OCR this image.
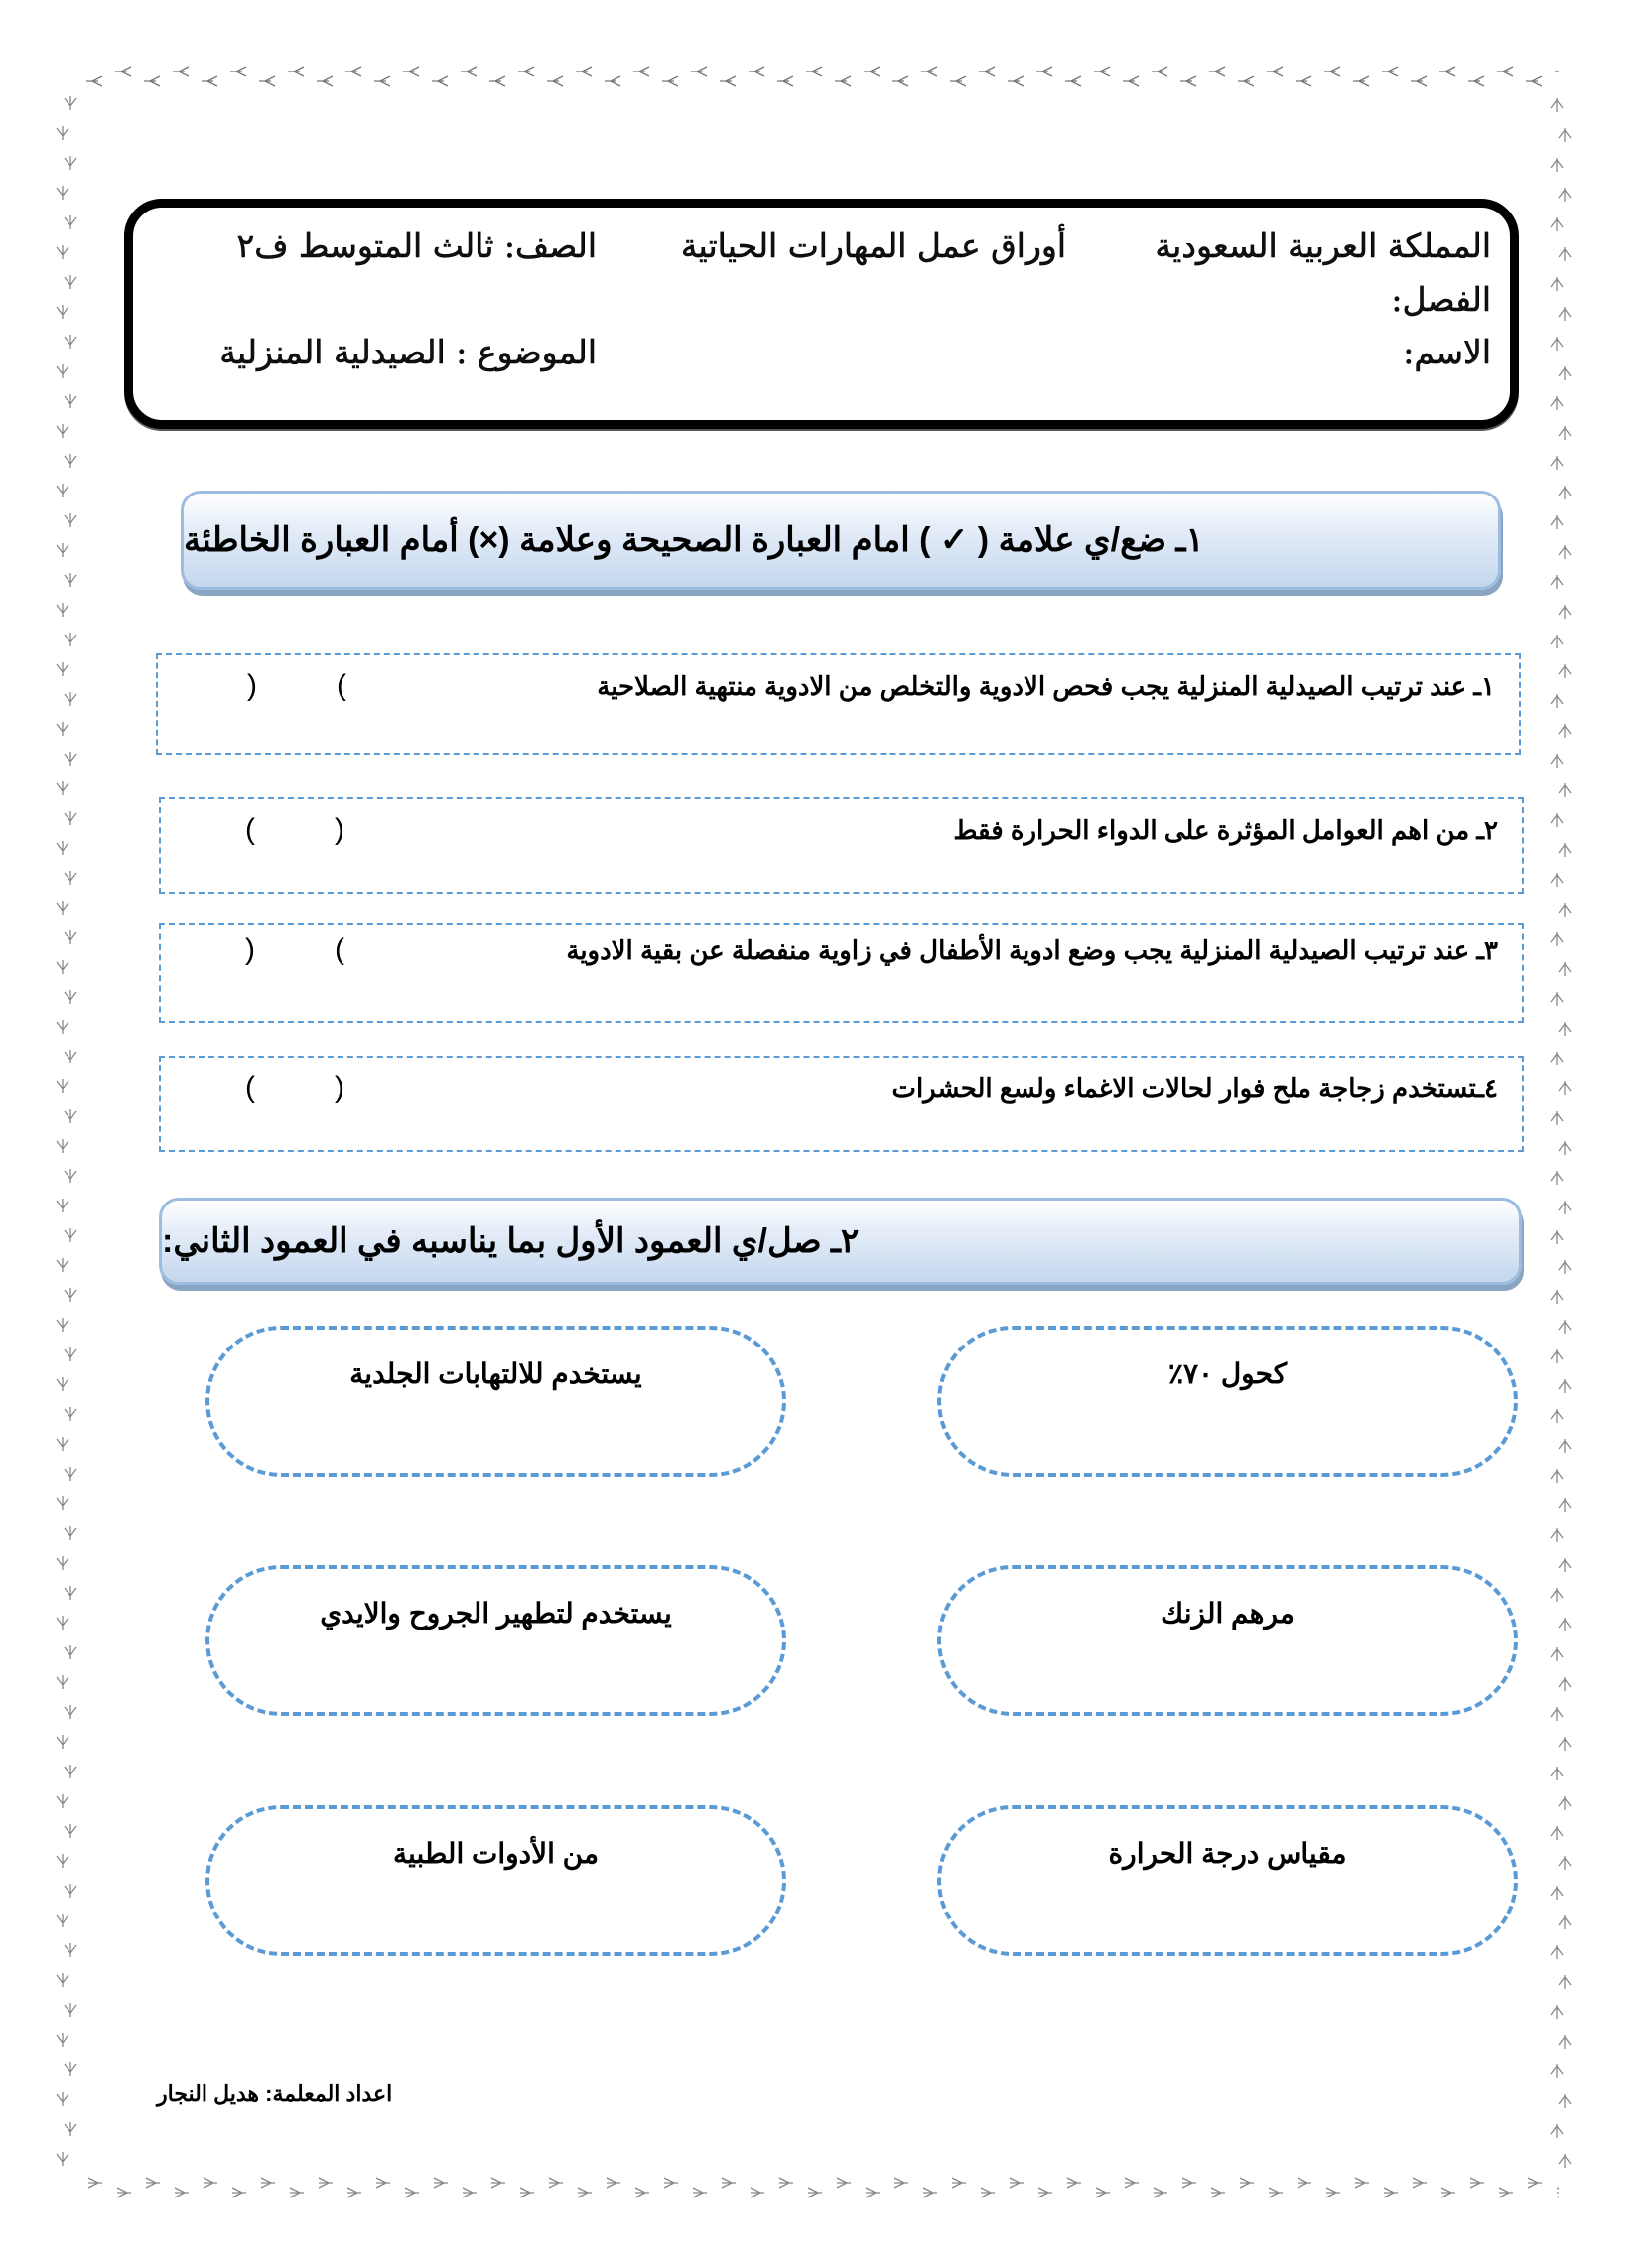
المملكة العربية السعودية
أوراق عمل المهارات الحياتية
الصف: ثالث المتوسط ف٢
الفصل:
الاسم:
الموضوع : الصيدلية المنزلية
١ـ ضع/ي علامة ( ✓ ) امام العبارة الصحيحة وعلامة (×) أمام العبارة الخاطئة
١ـ عند ترتيب الصيدلية المنزلية يجب فحص الادوية والتخلص من الادوية منتهية الصلاحية
)	(
٢ـ من اهم العوامل المؤثرة على الدواء الحرارة فقط
(	)
٣ـ عند ترتيب الصيدلية المنزلية يجب وضع ادوية الأطفال في زاوية منفصلة عن بقية الادوية
)	(
٤ـتستخدم زجاجة ملح فوار لحالات الاغماء ولسع الحشرات
(	)
٢ـ صل/ي العمود الأول بما يناسبه في العمود الثاني:
كحول ٧٠٪
مرهم الزنك
مقياس درجة الحرارة
يستخدم للالتهابات الجلدية
يستخدم لتطهير الجروح والايدي
من الأدوات الطبية
اعداد المعلمة: هديل النجار
